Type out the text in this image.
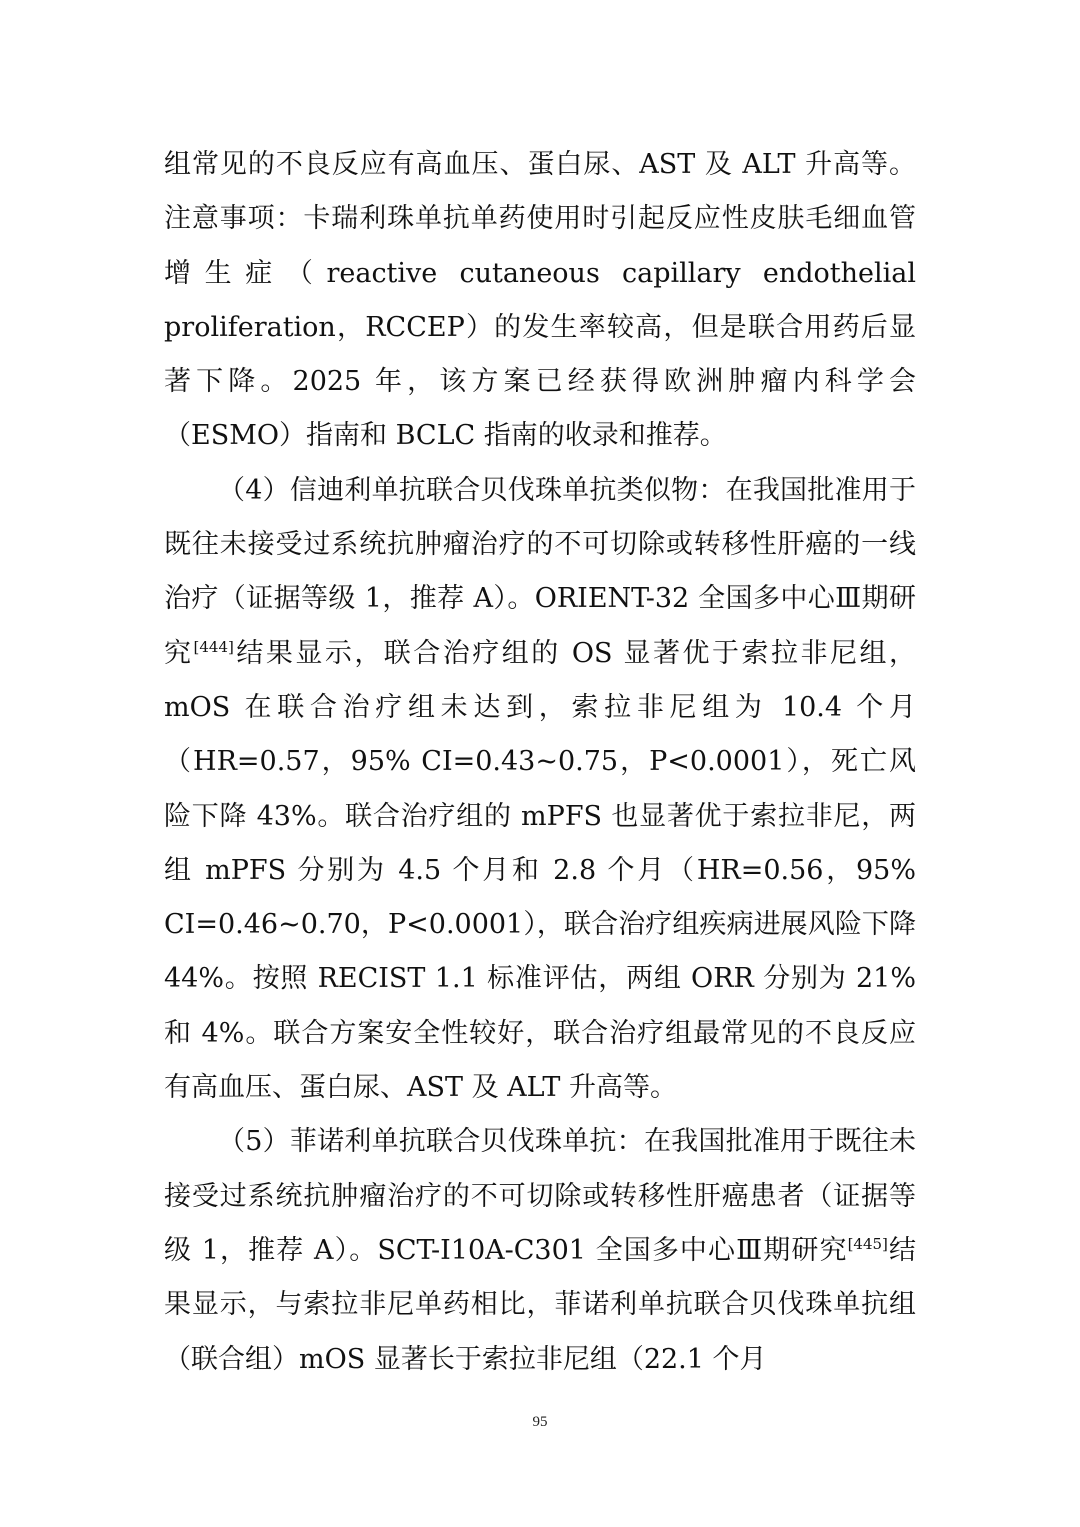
组常见的不良反应有高血压、蛋白尿、AST 及 ALT 升高等。注意事项：卡瑞利珠单抗单药使用时引起反应性皮肤毛细血管增生症（reactive cutaneous capillary endothelial proliferation，RCCEP）的发生率较高，但是联合用药后显著下降。2025 年，该方案已经获得欧洲肿瘤内科学会（ESMO）指南和 BCLC 指南的收录和推荐。

（4）信迪利单抗联合贝伐珠单抗类似物：在我国批准用于既往未接受过系统抗肿瘤治疗的不可切除或转移性肝癌的一线治疗（证据等级 1，推荐 A）。ORIENT-32 全国多中心Ⅲ期研究[444]结果显示，联合治疗组的 OS 显著优于索拉非尼组，mOS 在联合治疗组未达到，索拉非尼组为 10.4 个月（HR=0.57，95% CI=0.43~0.75，P<0.0001），死亡风险下降 43%。联合治疗组的 mPFS 也显著优于索拉非尼，两组 mPFS 分别为 4.5 个月和 2.8 个月（HR=0.56，95% CI=0.46~0.70，P<0.0001），联合治疗组疾病进展风险下降 44%。按照 RECIST 1.1 标准评估，两组 ORR 分别为 21%和 4%。联合方案安全性较好，联合治疗组最常见的不良反应有高血压、蛋白尿、AST 及 ALT 升高等。

（5）菲诺利单抗联合贝伐珠单抗：在我国批准用于既往未接受过系统抗肿瘤治疗的不可切除或转移性肝癌患者（证据等级 1，推荐 A）。SCT-I10A-C301 全国多中心Ⅲ期研究[445]结果显示，与索拉非尼单药相比，菲诺利单抗联合贝伐珠单抗组（联合组）mOS 显著长于索拉非尼组（22.1 个月

95
